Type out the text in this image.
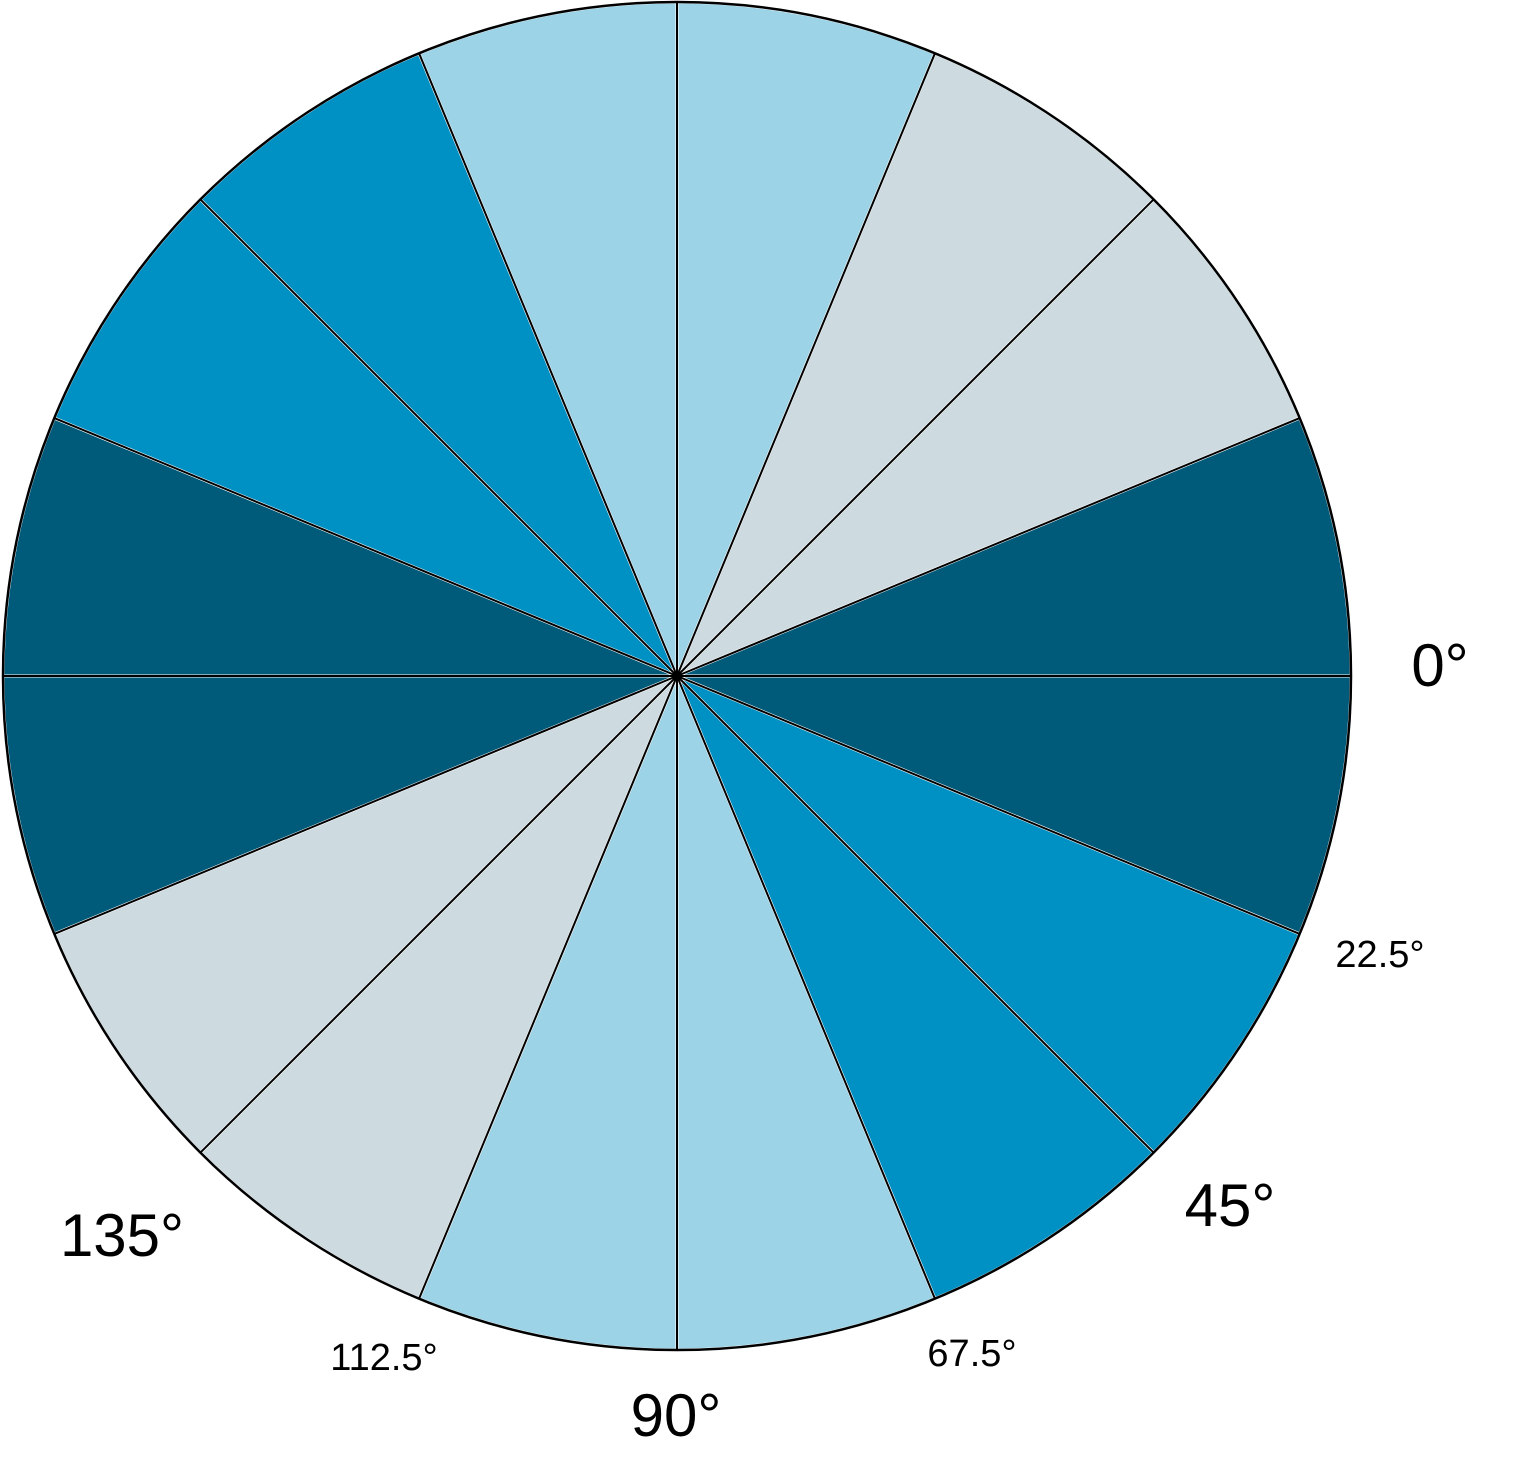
0°
22.5°
45°
67.5°
90°
112.5°
135°
